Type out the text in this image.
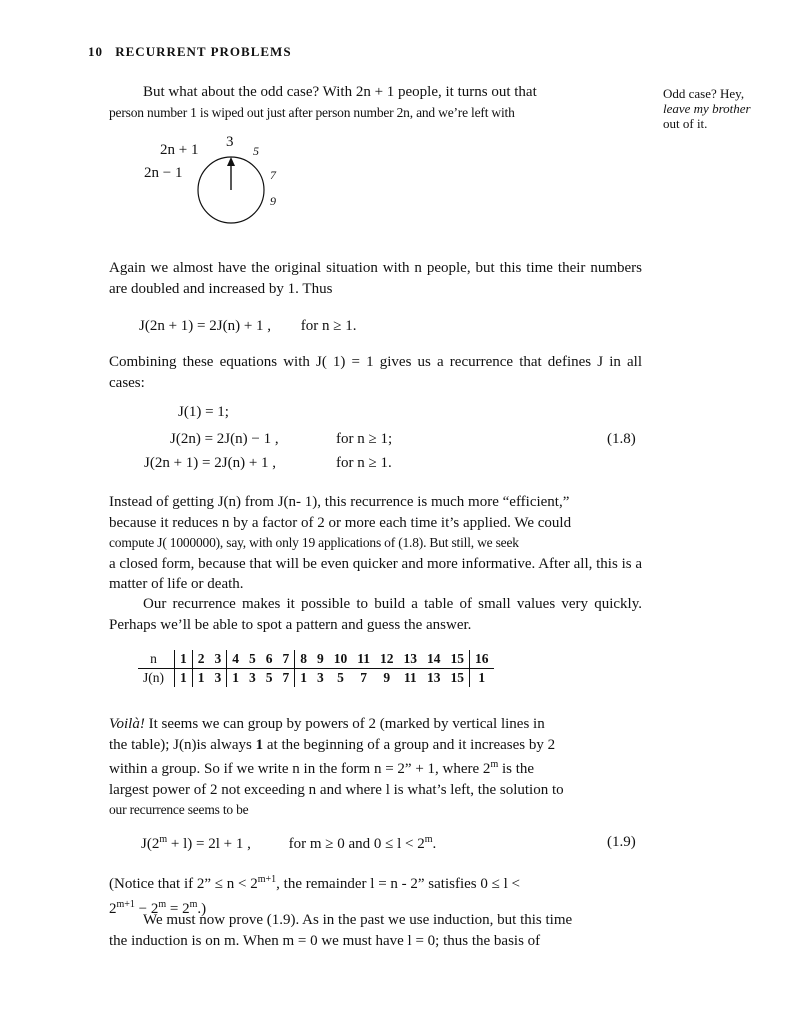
10 RECURRENT PROBLEMS
But what about the odd case? With 2n + 1 people, it turns out that
person number 1 is wiped out just after person number 2n, and we’re left with
Odd case? Hey,
leave my brother
out of it.
2n + 1 3
5
2n − 1	7
9
Again we almost have the original situation with n people, but this time their numbers are doubled and increased by 1. Thus
J(2n + 1) = 2J(n) + 1 , for n ≥ 1.
Combining these equations with J( 1) = 1 gives us a recurrence that defines J in all cases:
J(1) = 1;
J(2n) = 2J(n) − 1 ,	for n ≥ 1;
J(2n + 1) = 2J(n) + 1 ,	for n ≥ 1.
(1.8)
Instead of getting J(n) from J(n- 1), this recurrence is much more “efficient,”
because it reduces n by a factor of 2 or more each time it’s applied. We could
compute J( 1000000), say, with only 19 applications of (1.8). But still, we seek
a closed form, because that will be even quicker and more informative. After all, this is a matter of life or death.
Our recurrence makes it possible to build a table of small values very quickly. Perhaps we’ll be able to spot a pattern and guess the answer.
n	1	2	3	4	5	6	7	8	9	10	11	12	13	14	15	16
J(n)	1	1	3	1	3	5	7	1	3	5	7	9	11	13	15	1
Voilà! It seems we can group by powers of 2 (marked by vertical lines in
the table); J(n)is always 1 at the beginning of a group and it increases by 2
within a group. So if we write n in the form n = 2” + 1, where 2$^m$ is the
largest power of 2 not exceeding n and where l is what’s left, the solution to
our recurrence seems to be
$J(2^m + l) = 2l + 1$ ,	for m ≥ 0 and $0 \le l < 2^m$.	(1.9)
(Notice that if 2” ≤ $n < 2^{m+1}$, the remainder l = n - 2” satisfies 0 ≤ l <
$2^{m+1} - 2^m = 2^m$.)
We must now prove (1.9). As in the past we use induction, but this time
the induction is on m. When m = 0 we must have l = 0; thus the basis of
